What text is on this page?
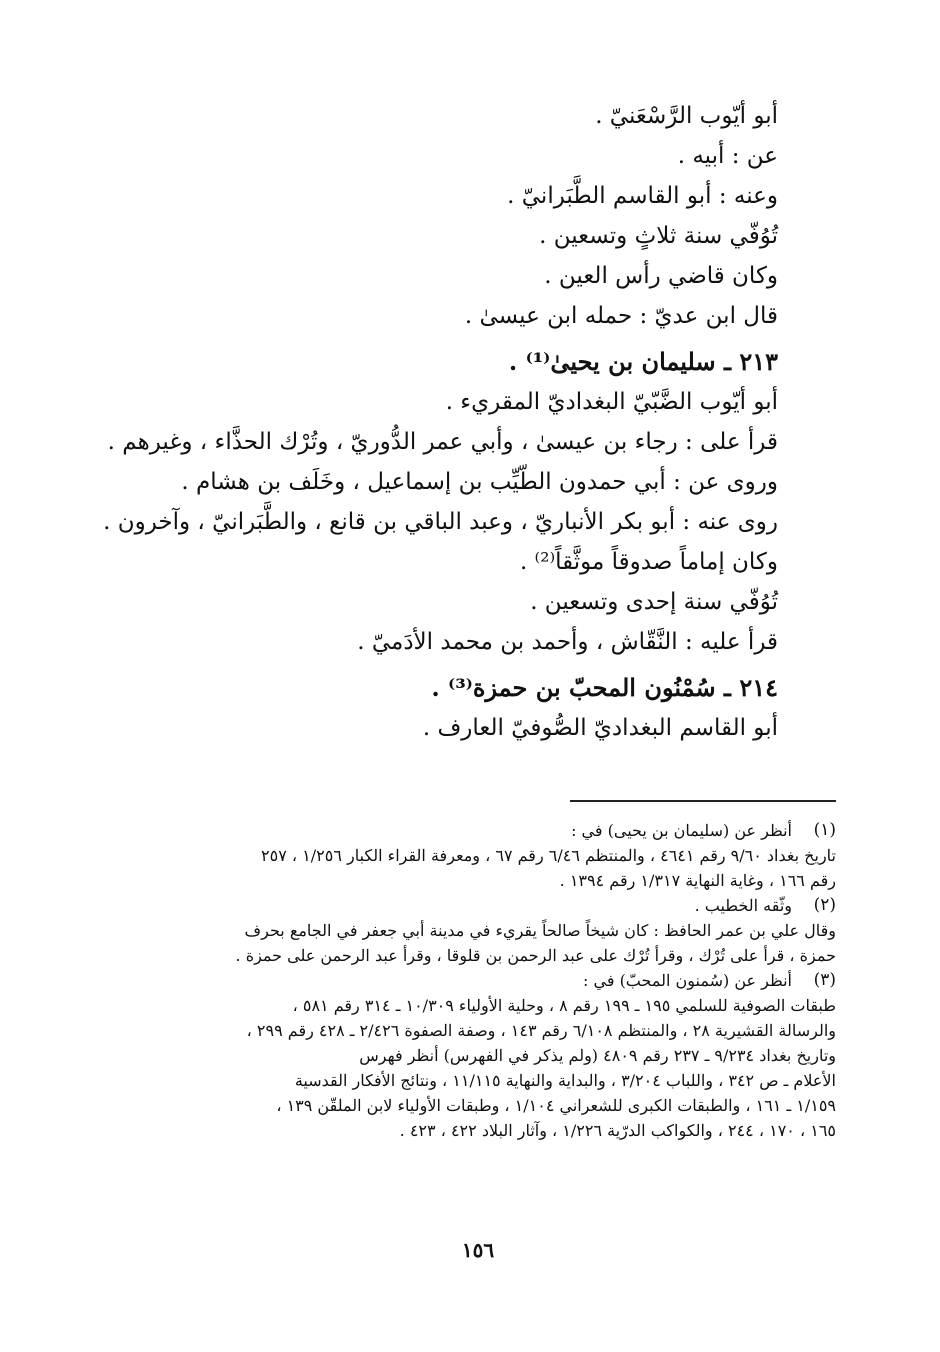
أبو أيّوب الرَّسْعَنيّ .
عن : أبيه .
وعنه : أبو القاسم الطَّبَرانيّ .
تُوُفّي سنة ثلاثٍ وتسعين .
وكان قاضي رأس العين .
قال ابن عديّ : حمله ابن عيسىٰ .
٢١٣ ـ سليمان بن يحيىٰ⁽¹⁾ .
أبو أيّوب الضَّبّيّ البغداديّ المقريء .
قرأ على : رجاء بن عيسىٰ ، وأبي عمر الدُّوريّ ، وتُرْك الحذَّاء ، وغيرهم .
وروى عن : أبي حمدون الطّيِّب بن إسماعيل ، وخَلَف بن هشام .
روى عنه : أبو بكر الأنباريّ ، وعبد الباقي بن قانع ، والطَّبَرانيّ ، وآخرون .
وكان إماماً صدوقاً موثَّقاً⁽²⁾ .
تُوُفّي سنة إحدى وتسعين .
قرأ عليه : النَّقّاش ، وأحمد بن محمد الأدَميّ .
٢١٤ ـ سُمْنُون المحبّ بن حمزة⁽³⁾ .
أبو القاسم البغداديّ الصُّوفيّ العارف .
(١)
أنظر عن (سليمان بن يحيى) في :
تاريخ بغداد ٩/٦٠ رقم ٤٦٤١ ، والمنتظم ٦/٤٦ رقم ٦٧ ، ومعرفة القراء الكبار ١/٢٥٦ ، ٢٥٧
رقم ١٦٦ ، وغاية النهاية ١/٣١٧ رقم ١٣٩٤ .
(٢)
وثّقه الخطيب .
وقال علي بن عمر الحافظ : كان شيخاً صالحاً يقريء في مدينة أبي جعفر في الجامع بحرف
حمزة ، قرأ على تُرْك ، وقرأ تُرْك على عبد الرحمن بن قلوقا ، وقرأ عبد الرحمن على حمزة .
(٣)
أنظر عن (سُمنون المحبّ) في :
طبقات الصوفية للسلمي ١٩٥ ـ ١٩٩ رقم ٨ ، وحلية الأولياء ١٠/٣٠٩ ـ ٣١٤ رقم ٥٨١ ،
والرسالة القشيرية ٢٨ ، والمنتظم ٦/١٠٨ رقم ١٤٣ ، وصفة الصفوة ٢/٤٢٦ ـ ٤٢٨ رقم ٢٩٩ ،
وتاريخ بغداد ٩/٢٣٤ ـ ٢٣٧ رقم ٤٨٠٩ (ولم يذكر في الفهرس) أنظر فهرس
الأعلام ـ ص ٣٤٢ ، واللباب ٣/٢٠٤ ، والبداية والنهاية ١١/١١٥ ، ونتائج الأفكار القدسية
١/١٥٩ ـ ١٦١ ، والطبقات الكبرى للشعراني ١/١٠٤ ، وطبقات الأولياء لابن الملقّن ١٣٩ ،
١٦٥ ، ١٧٠ ، ٢٤٤ ، والكواكب الدرّية ١/٢٢٦ ، وآثار البلاد ٤٢٢ ، ٤٢٣ .
١٥٦
